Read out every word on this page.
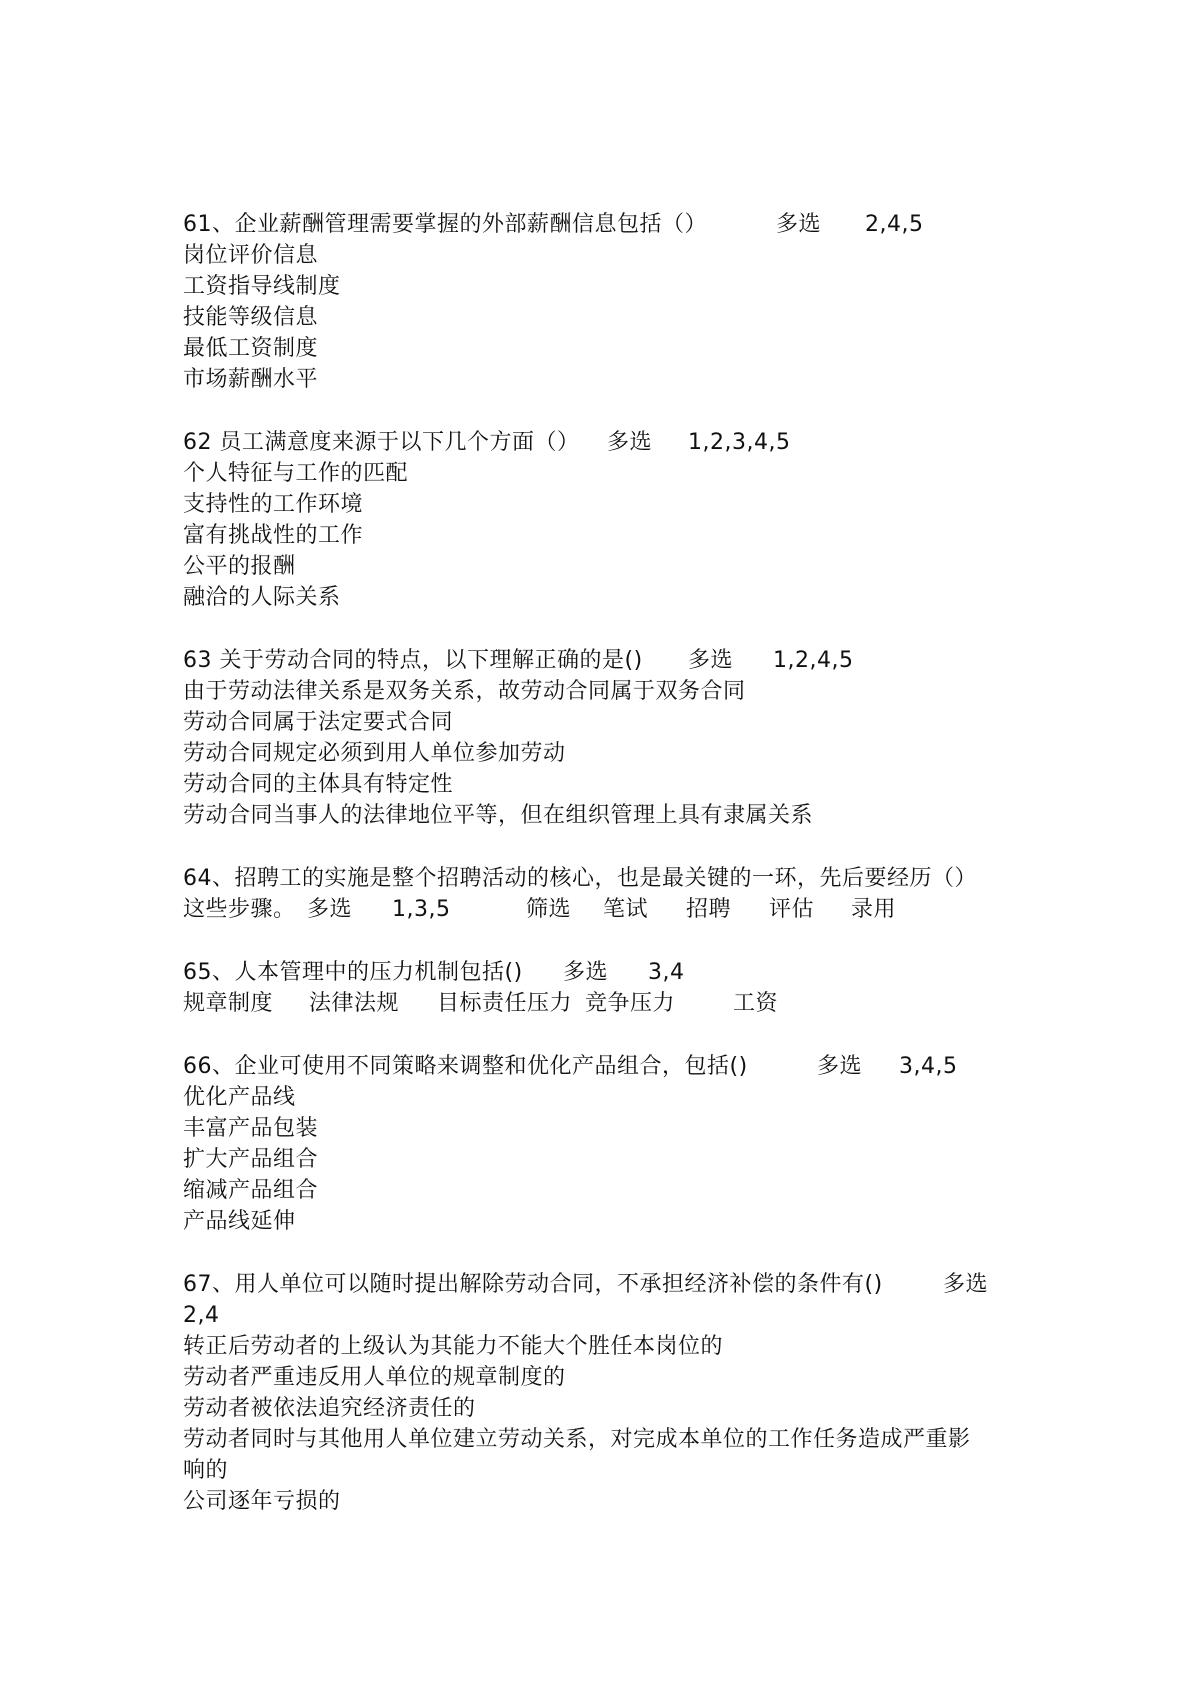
61、企业薪酬管理需要掌握的外部薪酬信息包括（）	多选 2,4,5
岗位评价信息
工资指导线制度
技能等级信息
最低工资制度
市场薪酬水平
62 员工满意度来源于以下几个方面（） 多选 1,2,3,4,5
个人特征与工作的匹配
支持性的工作环境
富有挑战性的工作
公平的报酬
融洽的人际关系
63 关于劳动合同的特点，以下理解正确的是() 多选 1,2,4,5
由于劳动法律关系是双务关系，故劳动合同属于双务合同
劳动合同属于法定要式合同
劳动合同规定必须到用人单位参加劳动
劳动合同的主体具有特定性
劳动合同当事人的法律地位平等，但在组织管理上具有隶属关系
64、招聘工的实施是整个招聘活动的核心，也是最关键的一环，先后要经历（）
这些步骤。 多选 1,3,5	筛选 笔试 招聘 评估 录用
65、人本管理中的压力机制包括() 多选 3,4
规章制度 法律法规 目标责任压力 竞争压力	工资
66、企业可使用不同策略来调整和优化产品组合，包括()	多选 3,4,5
优化产品线
丰富产品包装
扩大产品组合
缩减产品组合
产品线延伸
67、用人单位可以随时提出解除劳动合同，不承担经济补偿的条件有()	多选
2,4
转正后劳动者的上级认为其能力不能大个胜任本岗位的
劳动者严重违反用人单位的规章制度的
劳动者被依法追究经济责任的
劳动者同时与其他用人单位建立劳动关系，对完成本单位的工作任务造成严重影
响的
公司逐年亏损的
